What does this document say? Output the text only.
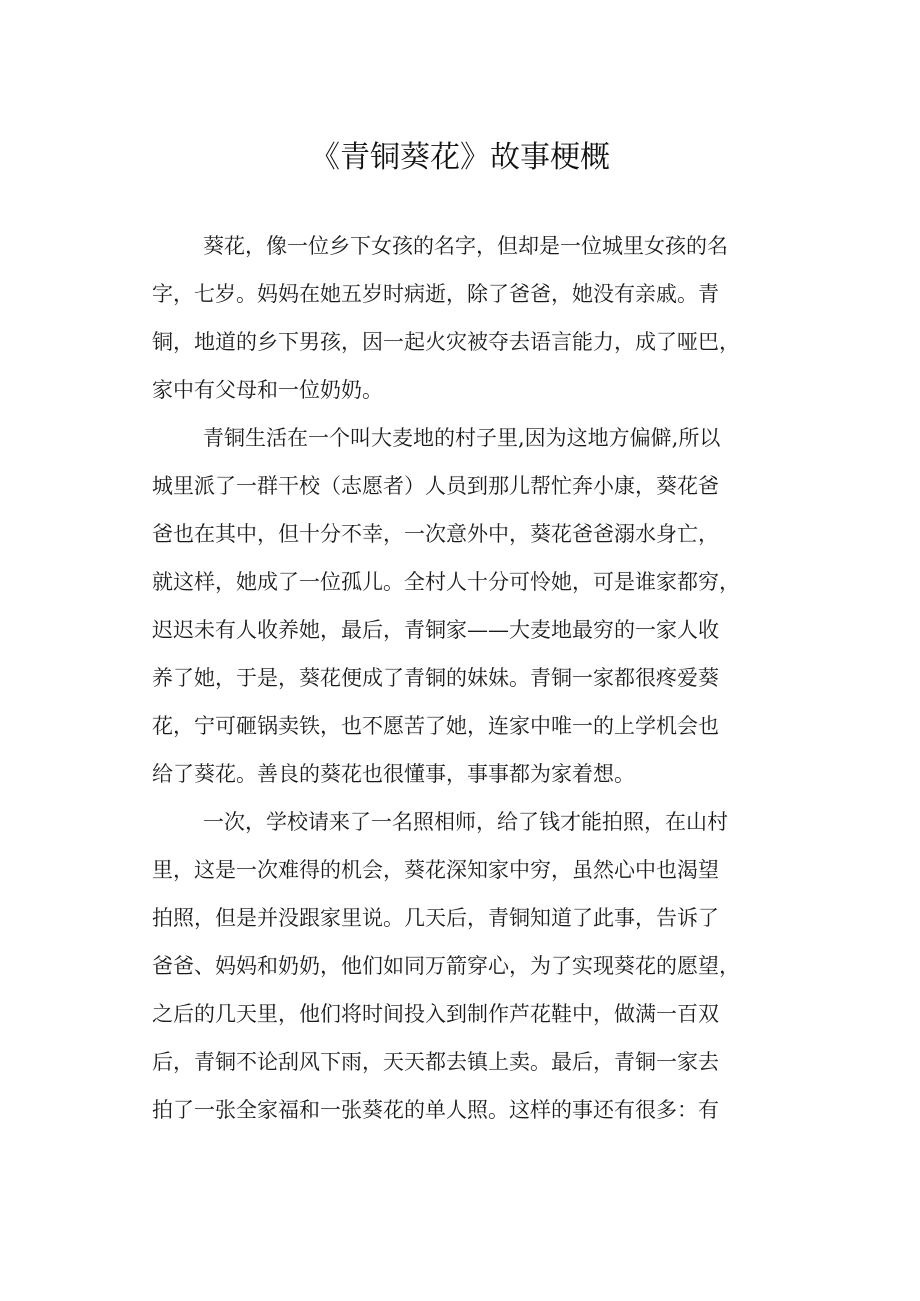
《青铜葵花》故事梗概
葵花，像一位乡下女孩的名字，但却是一位城里女孩的名
字，七岁。妈妈在她五岁时病逝，除了爸爸，她没有亲戚。青
铜，地道的乡下男孩，因一起火灾被夺去语言能力，成了哑巴，
家中有父母和一位奶奶。
青铜生活在一个叫大麦地的村子里,因为这地方偏僻,所以
城里派了一群干校（志愿者）人员到那儿帮忙奔小康，葵花爸
爸也在其中，但十分不幸，一次意外中，葵花爸爸溺水身亡，
就这样，她成了一位孤儿。全村人十分可怜她，可是谁家都穷，
迟迟未有人收养她，最后，青铜家——大麦地最穷的一家人收
养了她，于是，葵花便成了青铜的妹妹。青铜一家都很疼爱葵
花，宁可砸锅卖铁，也不愿苦了她，连家中唯一的上学机会也
给了葵花。善良的葵花也很懂事，事事都为家着想。
一次，学校请来了一名照相师，给了钱才能拍照，在山村
里，这是一次难得的机会，葵花深知家中穷，虽然心中也渴望
拍照，但是并没跟家里说。几天后，青铜知道了此事，告诉了
爸爸、妈妈和奶奶，他们如同万箭穿心，为了实现葵花的愿望，
之后的几天里，他们将时间投入到制作芦花鞋中，做满一百双
后，青铜不论刮风下雨，天天都去镇上卖。最后，青铜一家去
拍了一张全家福和一张葵花的单人照。这样的事还有很多：有
